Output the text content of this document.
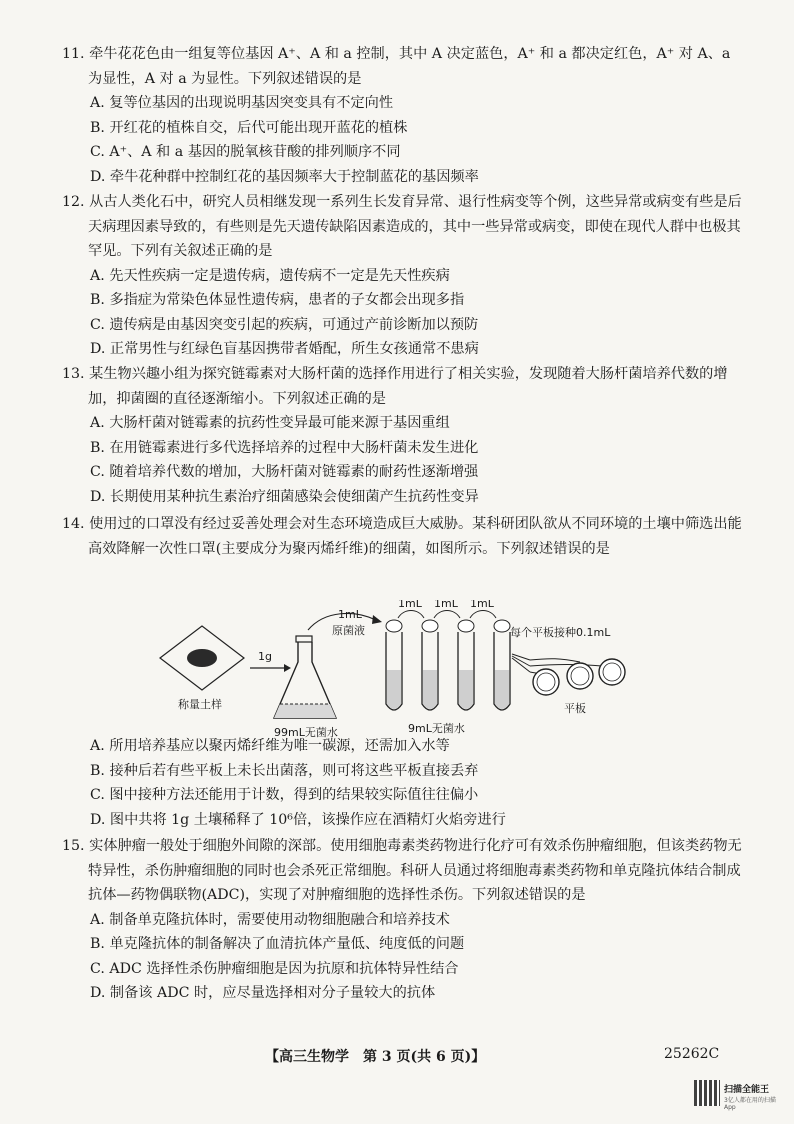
11. 牵牛花花色由一组复等位基因 A⁺、A 和 a 控制，其中 A 决定蓝色，A⁺ 和 a 都决定红色，A⁺ 对 A、a 为显性，A 对 a 为显性。下列叙述错误的是

A. 复等位基因的出现说明基因突变具有不定向性

B. 开红花的植株自交，后代可能出现开蓝花的植株

C. A⁺、A 和 a 基因的脱氧核苷酸的排列顺序不同

D. 牵牛花种群中控制红花的基因频率大于控制蓝花的基因频率

12. 从古人类化石中，研究人员相继发现一系列生长发育异常、退行性病变等个例，这些异常或病变有些是后天病理因素导致的，有些则是先天遗传缺陷因素造成的，其中一些异常或病变，即使在现代人群中也极其罕见。下列有关叙述正确的是

A. 先天性疾病一定是遗传病，遗传病不一定是先天性疾病

B. 多指症为常染色体显性遗传病，患者的子女都会出现多指

C. 遗传病是由基因突变引起的疾病，可通过产前诊断加以预防

D. 正常男性与红绿色盲基因携带者婚配，所生女孩通常不患病

13. 某生物兴趣小组为探究链霉素对大肠杆菌的选择作用进行了相关实验，发现随着大肠杆菌培养代数的增加，抑菌圈的直径逐渐缩小。下列叙述正确的是

A. 大肠杆菌对链霉素的抗药性变异最可能来源于基因重组

B. 在用链霉素进行多代选择培养的过程中大肠杆菌未发生进化

C. 随着培养代数的增加，大肠杆菌对链霉素的耐药性逐渐增强

D. 长期使用某种抗生素治疗细菌感染会使细菌产生抗药性变异

14. 使用过的口罩没有经过妥善处理会对生态环境造成巨大威胁。某科研团队欲从不同环境的土壤中筛选出能高效降解一次性口罩(主要成分为聚丙烯纤维)的细菌，如图所示。下列叙述错误的是

称量土样
1g
99mL无菌水
1mL
原菌液
1mL 1mL 1mL
9mL无菌水
每个平板接种0.1mL
平板

A. 所用培养基应以聚丙烯纤维为唯一碳源，还需加入水等

B. 接种后若有些平板上未长出菌落，则可将这些平板直接丢弃

C. 图中接种方法还能用于计数，得到的结果较实际值往往偏小

D. 图中共将 1g 土壤稀释了 10⁶倍，该操作应在酒精灯火焰旁进行

15. 实体肿瘤一般处于细胞外间隙的深部。使用细胞毒素类药物进行化疗可有效杀伤肿瘤细胞，但该类药物无特异性，杀伤肿瘤细胞的同时也会杀死正常细胞。科研人员通过将细胞毒素类药物和单克隆抗体结合制成抗体—药物偶联物(ADC)，实现了对肿瘤细胞的选择性杀伤。下列叙述错误的是

A. 制备单克隆抗体时，需要使用动物细胞融合和培养技术

B. 单克隆抗体的制备解决了血清抗体产量低、纯度低的问题

C. ADC 选择性杀伤肿瘤细胞是因为抗原和抗体特异性结合

D. 制备该 ADC 时，应尽量选择相对分子量较大的抗体

【高三生物学　第 3 页(共 6 页)】	25262C
扫描全能王
3亿人都在用的扫描App
